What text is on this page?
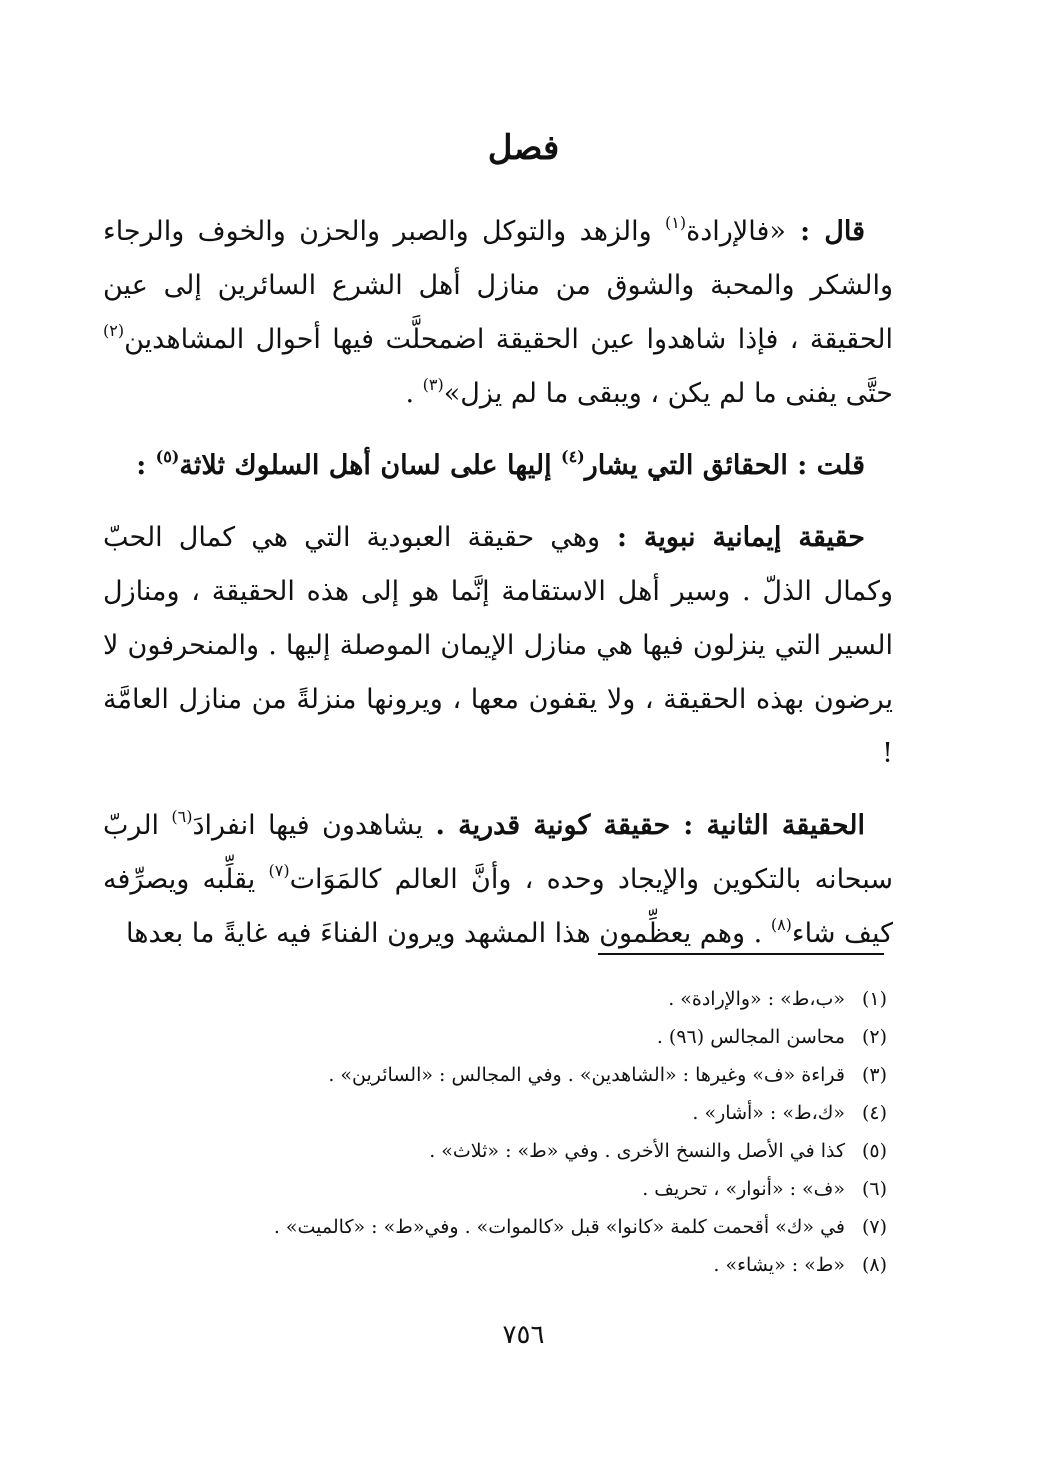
فصل

قال : «فالإرادة$^{(١)}$ والزهد والتوكل والصبر والحزن والخوف والرجاء والشكر والمحبة والشوق من منازل أهل الشرع السائرين إلى عين الحقيقة ، فإذا شاهدوا عين الحقيقة اضمحلَّت فيها أحوال المشاهدين$^{(٢)}$ حتَّى يفنى ما لم يكن ، ويبقى ما لم يزل»$^{(٣)}$ .

قلت : الحقائق التي يشار$^{(٤)}$ إليها على لسان أهل السلوك ثلاثة$^{(٥)}$ :

حقيقة إيمانية نبوية : وهي حقيقة العبودية التي هي كمال الحبّ وكمال الذلّ . وسير أهل الاستقامة إنَّما هو إلى هذه الحقيقة ، ومنازل السير التي ينزلون فيها هي منازل الإيمان الموصلة إليها . والمنحرفون لا يرضون بهذه الحقيقة ، ولا يقفون معها ، ويرونها منزلةً من منازل العامَّة !

الحقيقة الثانية : حقيقة كونية قدرية . يشاهدون فيها انفرادَ$^{(٦)}$ الربّ سبحانه بالتكوين والإيجاد وحده ، وأنَّ العالم كالمَوَات$^{(٧)}$ يقلِّبه ويصرِّفه كيف شاء$^{(٨)}$ . وهم يعظِّمون هذا المشهد ويرون الفناءَ فيه غايةً ما بعدها

(١)
«ب،ط» : «والإرادة» .
(٢)
محاسن المجالس (٩٦) .
(٣)
قراءة «ف» وغيرها : «الشاهدين» . وفي المجالس : «السائرين» .
(٤)
«ك،ط» : «أشار» .
(٥)
كذا في الأصل والنسخ الأخرى . وفي «ط» : «ثلاث» .
(٦)
«ف» : «أنوار» ، تحريف .
(٧)
في «ك» أقحمت كلمة «كانوا» قبل «كالموات» . وفي«ط» : «كالميت» .
(٨)
«ط» : «يشاء» .
٧٥٦
